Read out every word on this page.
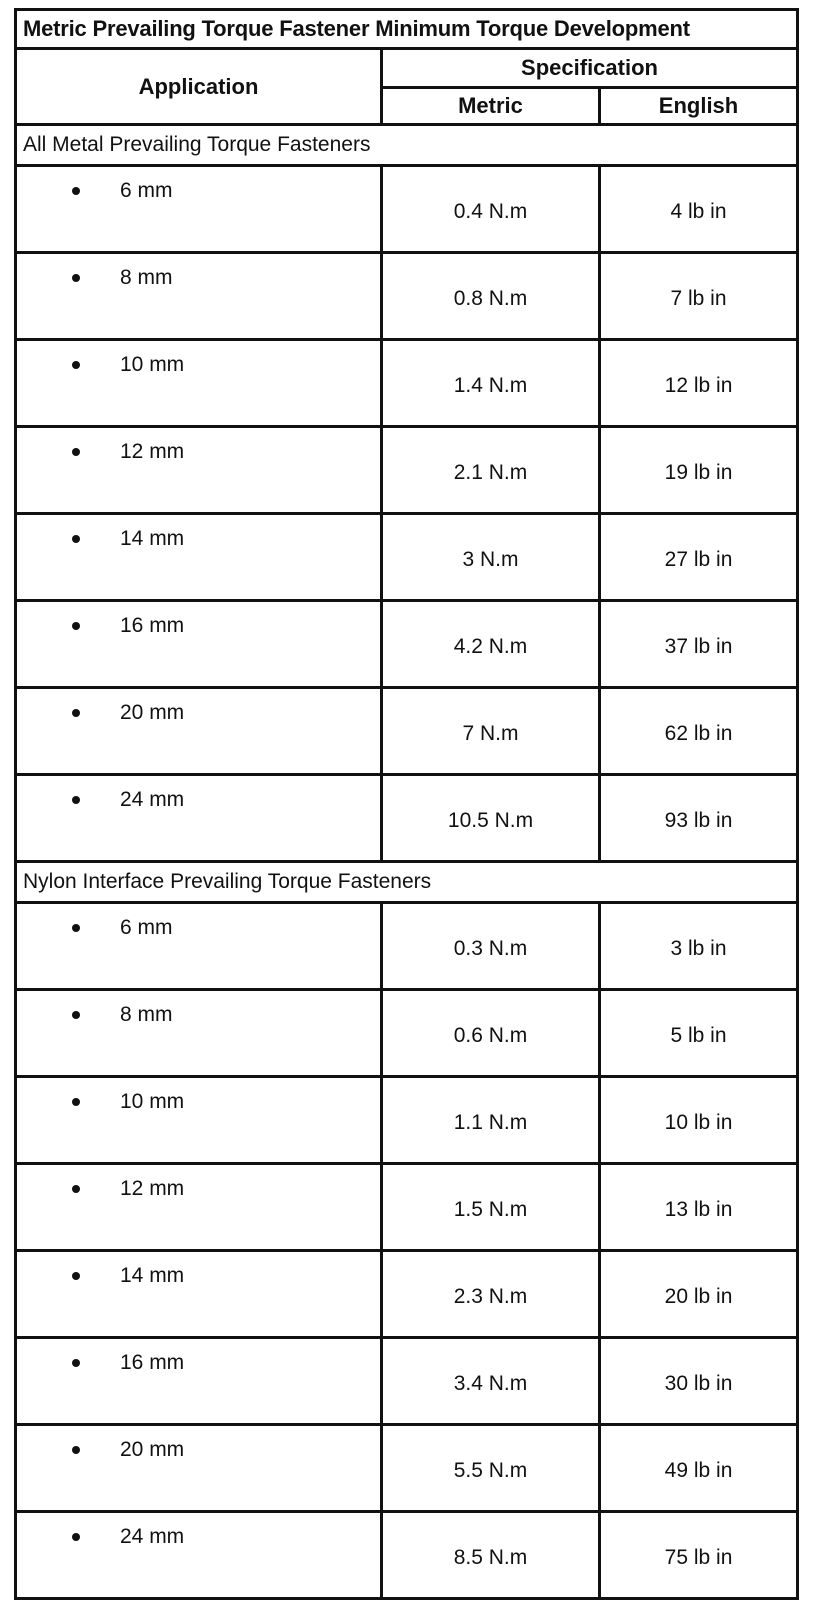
Metric Prevailing Torque Fastener Minimum Torque Development		
Application	Specification	
	Metric	English
All Metal Prevailing Torque Fasteners		

6 mm	0.4 N.m	4 lb in

8 mm	0.8 N.m	7 lb in

10 mm	1.4 N.m	12 lb in

12 mm	2.1 N.m	19 lb in

14 mm	3 N.m	27 lb in

16 mm	4.2 N.m	37 lb in

20 mm	7 N.m	62 lb in

24 mm	10.5 N.m	93 lb in
Nylon Interface Prevailing Torque Fasteners		

6 mm	0.3 N.m	3 lb in

8 mm	0.6 N.m	5 lb in

10 mm	1.1 N.m	10 lb in

12 mm	1.5 N.m	13 lb in

14 mm	2.3 N.m	20 lb in

16 mm	3.4 N.m	30 lb in

20 mm	5.5 N.m	49 lb in

24 mm	8.5 N.m	75 lb in
